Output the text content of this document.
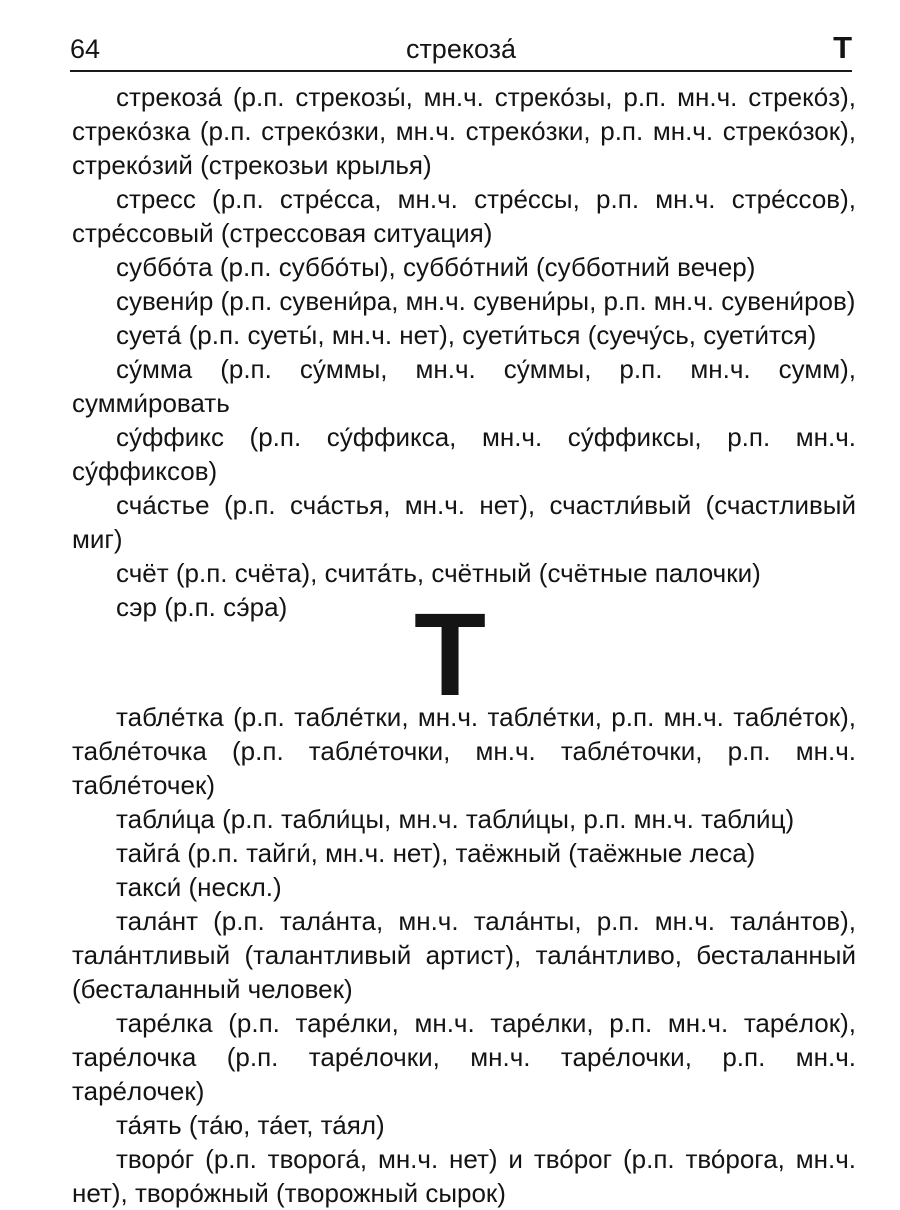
64	стрекоза́	Т

стрекоза́ (р.п. стрекозы́, мн.ч. стреко́зы, р.п. мн.ч. стреко́з), стреко́зка (р.п. стреко́зки, мн.ч. стреко́зки, р.п. мн.ч. стреко́зок), стреко́зий (стрекозьи крылья)

стресс (р.п. стре́сса, мн.ч. стре́ссы, р.п. мн.ч. стре́ссов), стре́ссовый (стрессовая ситуация)

суббо́та (р.п. суббо́ты), суббо́тний (субботний вечер)

сувени́р (р.п. сувени́ра, мн.ч. сувени́ры, р.п. мн.ч. сувени́ров)

суета́ (р.п. суеты́, мн.ч. нет), суети́ться (суечу́сь, суети́тся)

су́мма (р.п. су́ммы, мн.ч. су́ммы, р.п. мн.ч. сумм), сумми́ровать

су́ффикс (р.п. су́ффикса, мн.ч. су́ффиксы, р.п. мн.ч. су́ффиксов)

сча́стье (р.п. сча́стья, мн.ч. нет), счастли́вый (счастливый миг)

счёт (р.п. счёта), счита́ть, счётный (счётные палочки)

сэр (р.п. сэ́ра)	Т

табле́тка (р.п. табле́тки, мн.ч. табле́тки, р.п. мн.ч. табле́ток), табле́точка (р.п. табле́точки, мн.ч. табле́точки, р.п. мн.ч. табле́точек)

табли́ца (р.п. табли́цы, мн.ч. табли́цы, р.п. мн.ч. табли́ц)

тайга́ (р.п. тайги́, мн.ч. нет), таёжный (таёжные леса)

такси́ (нескл.)

тала́нт (р.п. тала́нта, мн.ч. тала́нты, р.п. мн.ч. тала́нтов), тала́нтливый (талантливый артист), тала́нтливо, бесталанный (бесталанный человек)

таре́лка (р.п. таре́лки, мн.ч. таре́лки, р.п. мн.ч. таре́лок), таре́лочка (р.п. таре́лочки, мн.ч. таре́лочки, р.п. мн.ч. таре́лочек)

та́ять (та́ю, та́ет, та́ял)

творо́г (р.п. творога́, мн.ч. нет) и тво́рог (р.п. тво́рога, мн.ч. нет), творо́жный (творожный сырок)
